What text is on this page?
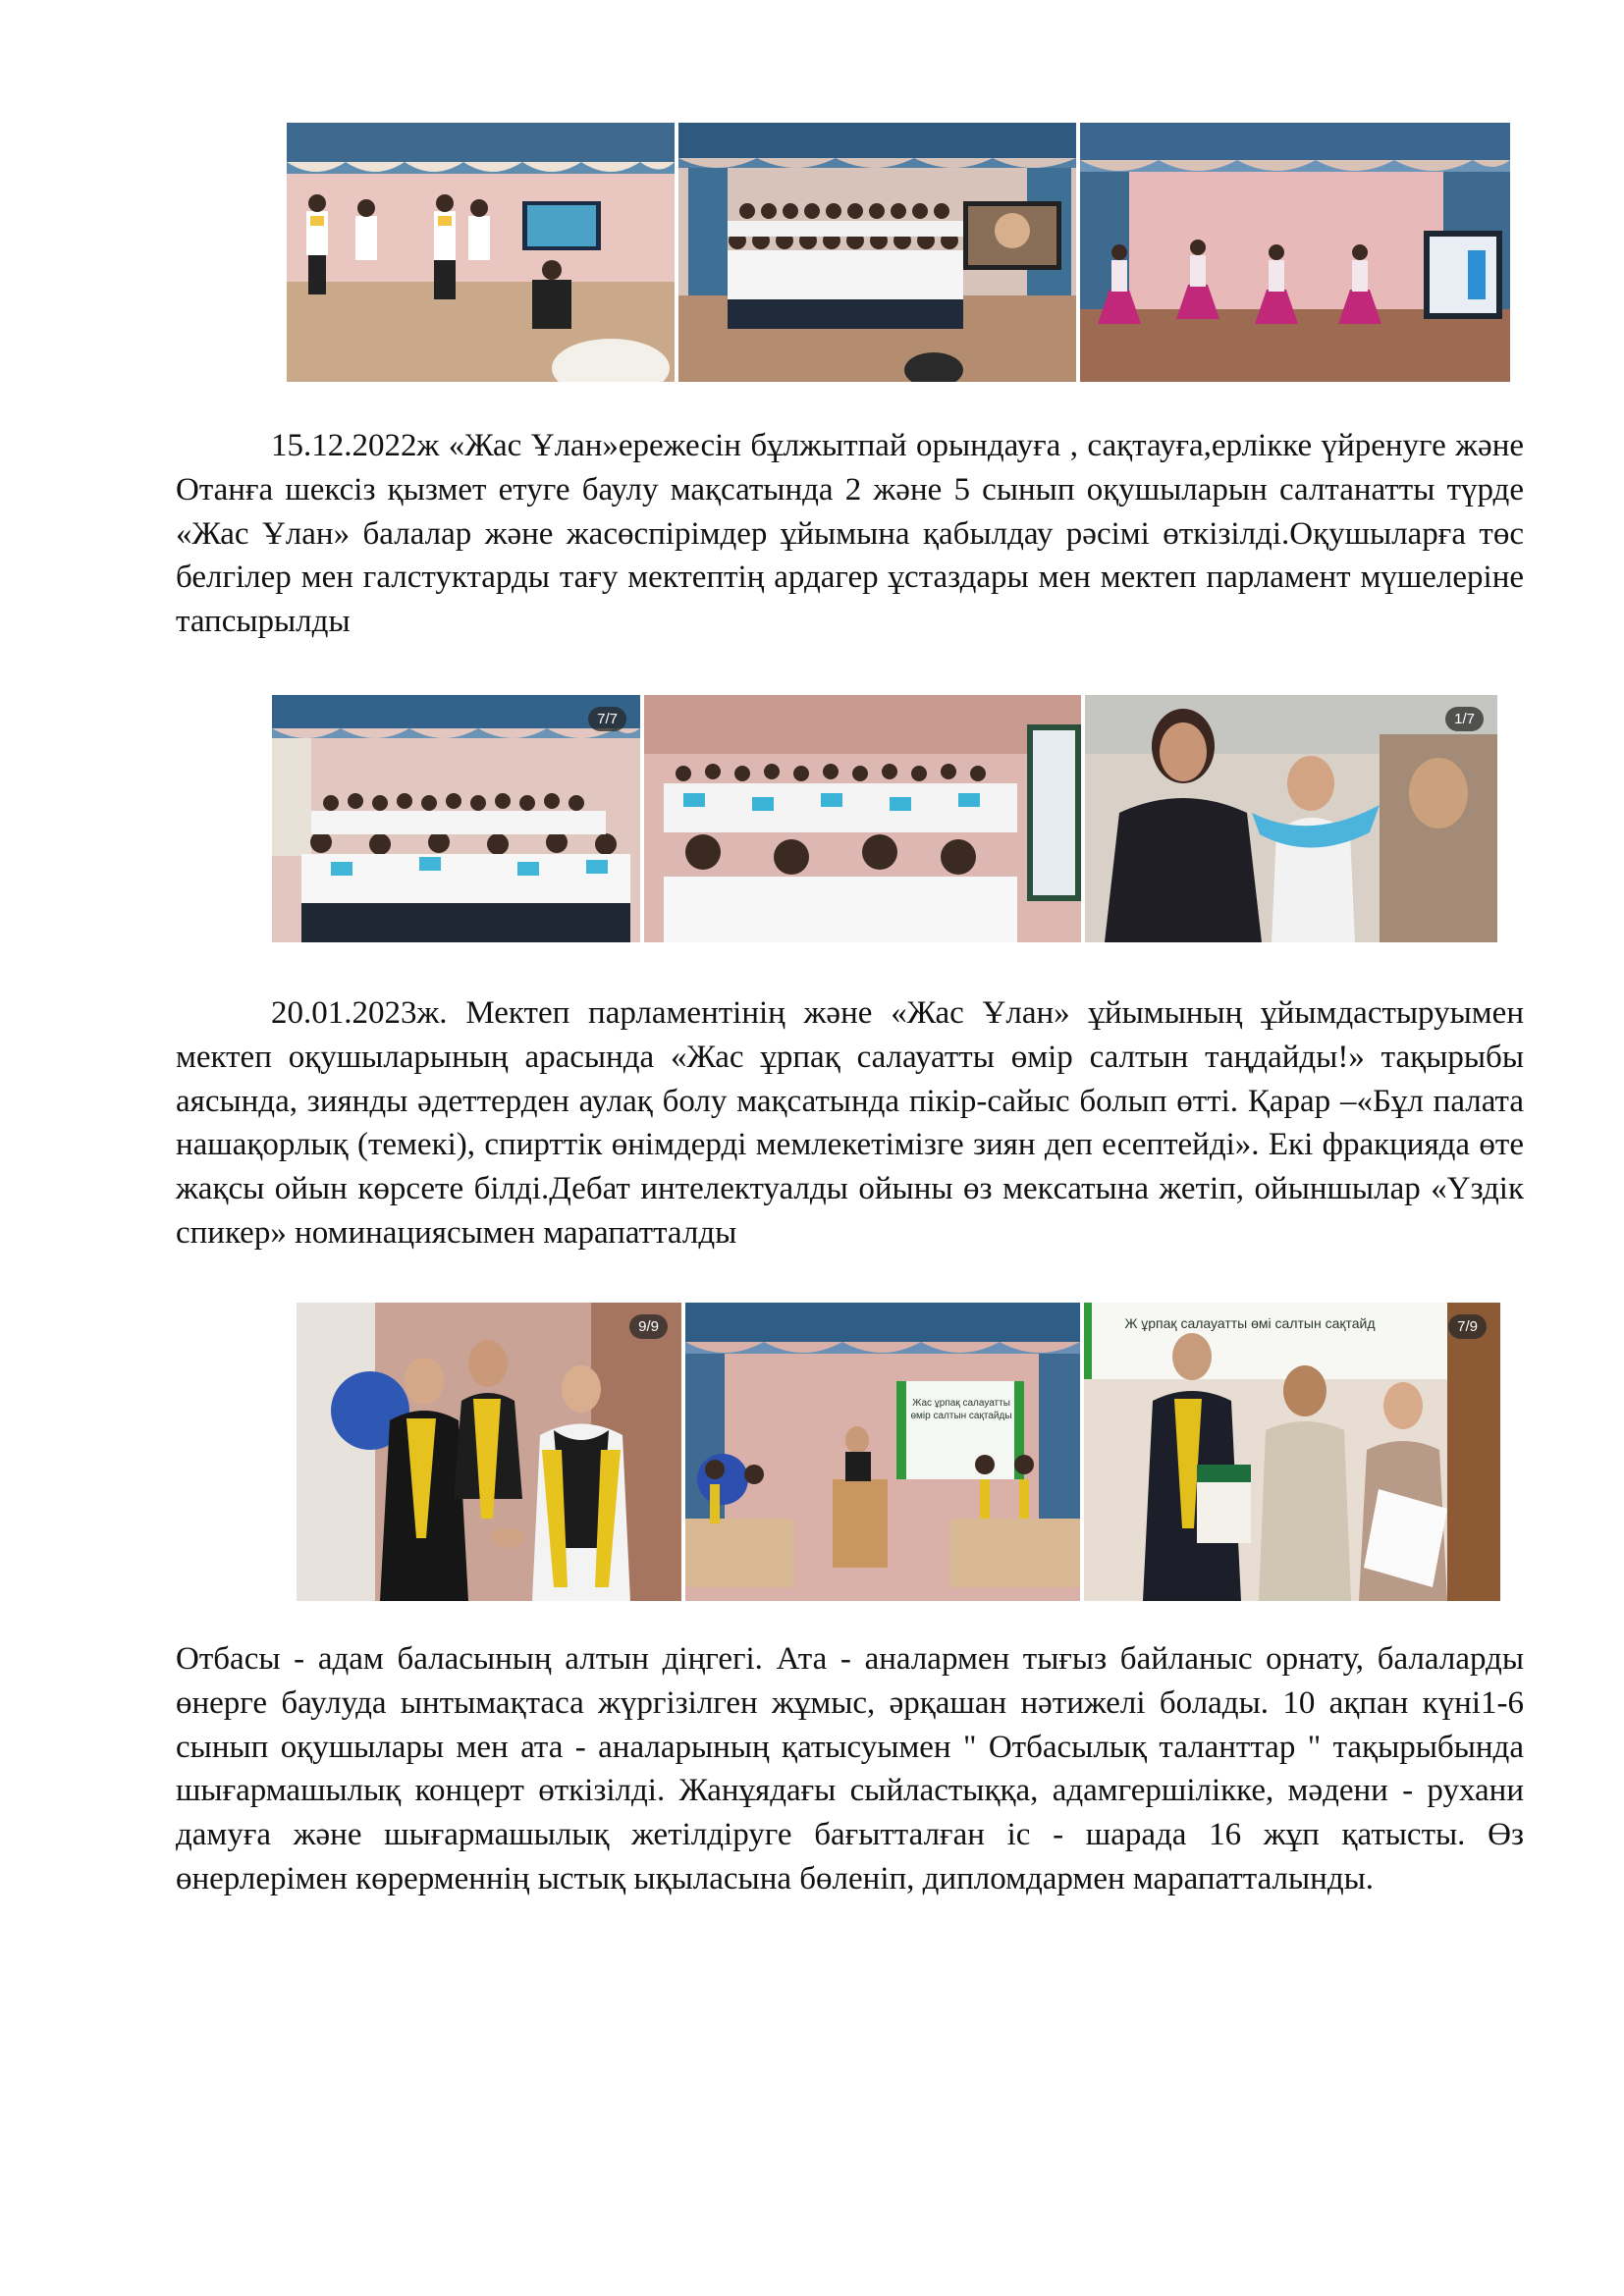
15.12.2022ж «Жас Ұлан»ережесін бұлжытпай орындауға , сақтауға,ерлікке үйренуге және Отанға шексіз қызмет етуге баулу мақсатында 2 және 5 сынып оқушыларын салтанатты түрде «Жас Ұлан» балалар және жасөспірімдер ұйымына қабылдау рәсімі өткізілді.Оқушыларға төс белгілер мен галстуктарды тағу мектептің ардагер ұстаздары мен мектеп парламент мүшелеріне тапсырылды

7/7	1/7

20.01.2023ж. Мектеп парламентінің және «Жас Ұлан» ұйымының ұйымдастыруымен мектеп оқушыларының арасында «Жас ұрпақ салауатты өмір салтын таңдайды!» тақырыбы аясында, зиянды әдеттерден аулақ болу мақсатында пікір-сайыс болып өтті. Қарар –«Бұл палата нашақорлық (темекі), спирттік өнімдерді мемлекетімізге зиян деп есептейді». Екі фракцияда өте жақсы ойын көрсете білді.Дебат интелектуалды ойыны өз мекcатына жетіп, ойыншылар «Үздік спикер» номинациясымен марапатталды

9/9
Жас ұрпақ салауатты өмір салтын сақтайды
Ж ұрпақ салауатты өмі салтын сақтайд	7/9

Отбасы - адам баласының алтын діңгегі. Ата - аналармен тығыз байланыс орнату, балаларды өнерге баулуда ынтымақтаса жүргізілген жұмыс, әрқашан нәтижелі болады. 10 ақпан күні1-6 сынып оқушылары мен ата - аналарының қатысуымен " Отбасылық таланттар " тақырыбында шығармашылық концерт өткізілді. Жанұядағы сыйластыққа, адамгершілікке, мәдени - рухани дамуға және шығармашылық жетілдіруге бағытталған іс - шарада 16 жұп қатысты. Өз өнерлерімен көрерменнің ыстық ықыласына бөленіп, дипломдармен марапатталынды.
